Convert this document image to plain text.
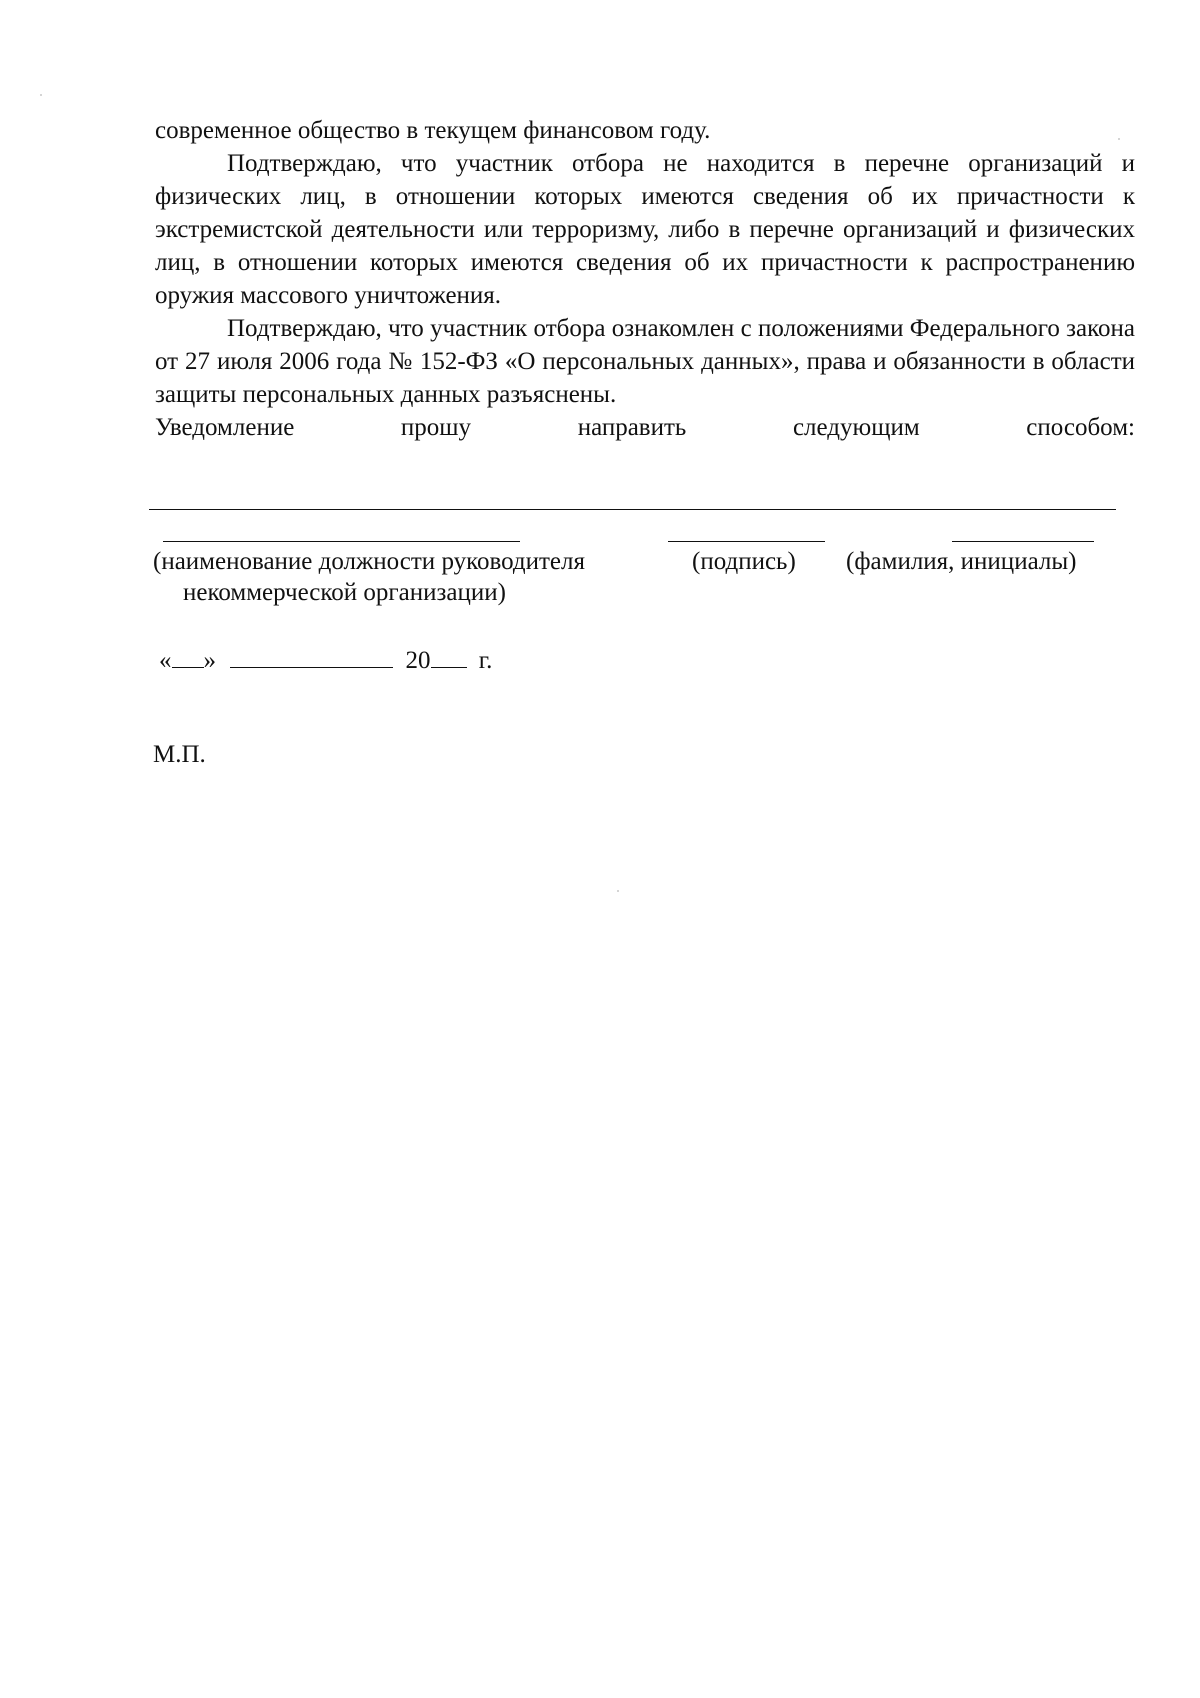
современное общество в текущем финансовом году.

Подтверждаю, что участник отбора не находится в перечне организаций и физических лиц, в отношении которых имеются сведения об их причастности к экстремистской деятельности или терроризму, либо в перечне организаций и физических лиц, в отношении которых имеются сведения об их причастности к распространению оружия массового уничтожения.

Подтверждаю, что участник отбора ознакомлен с положениями Федерального закона от 27 июля 2006 года № 152-ФЗ «О персональных данных», права и обязанности в области защиты персональных данных разъяснены.

Уведомление	прошу	направить	следующим	способом:
(наименование должности руководителя
некоммерческой организации)
(подпись) (фамилия, инициалы)
« »	20 г.
М.П.
